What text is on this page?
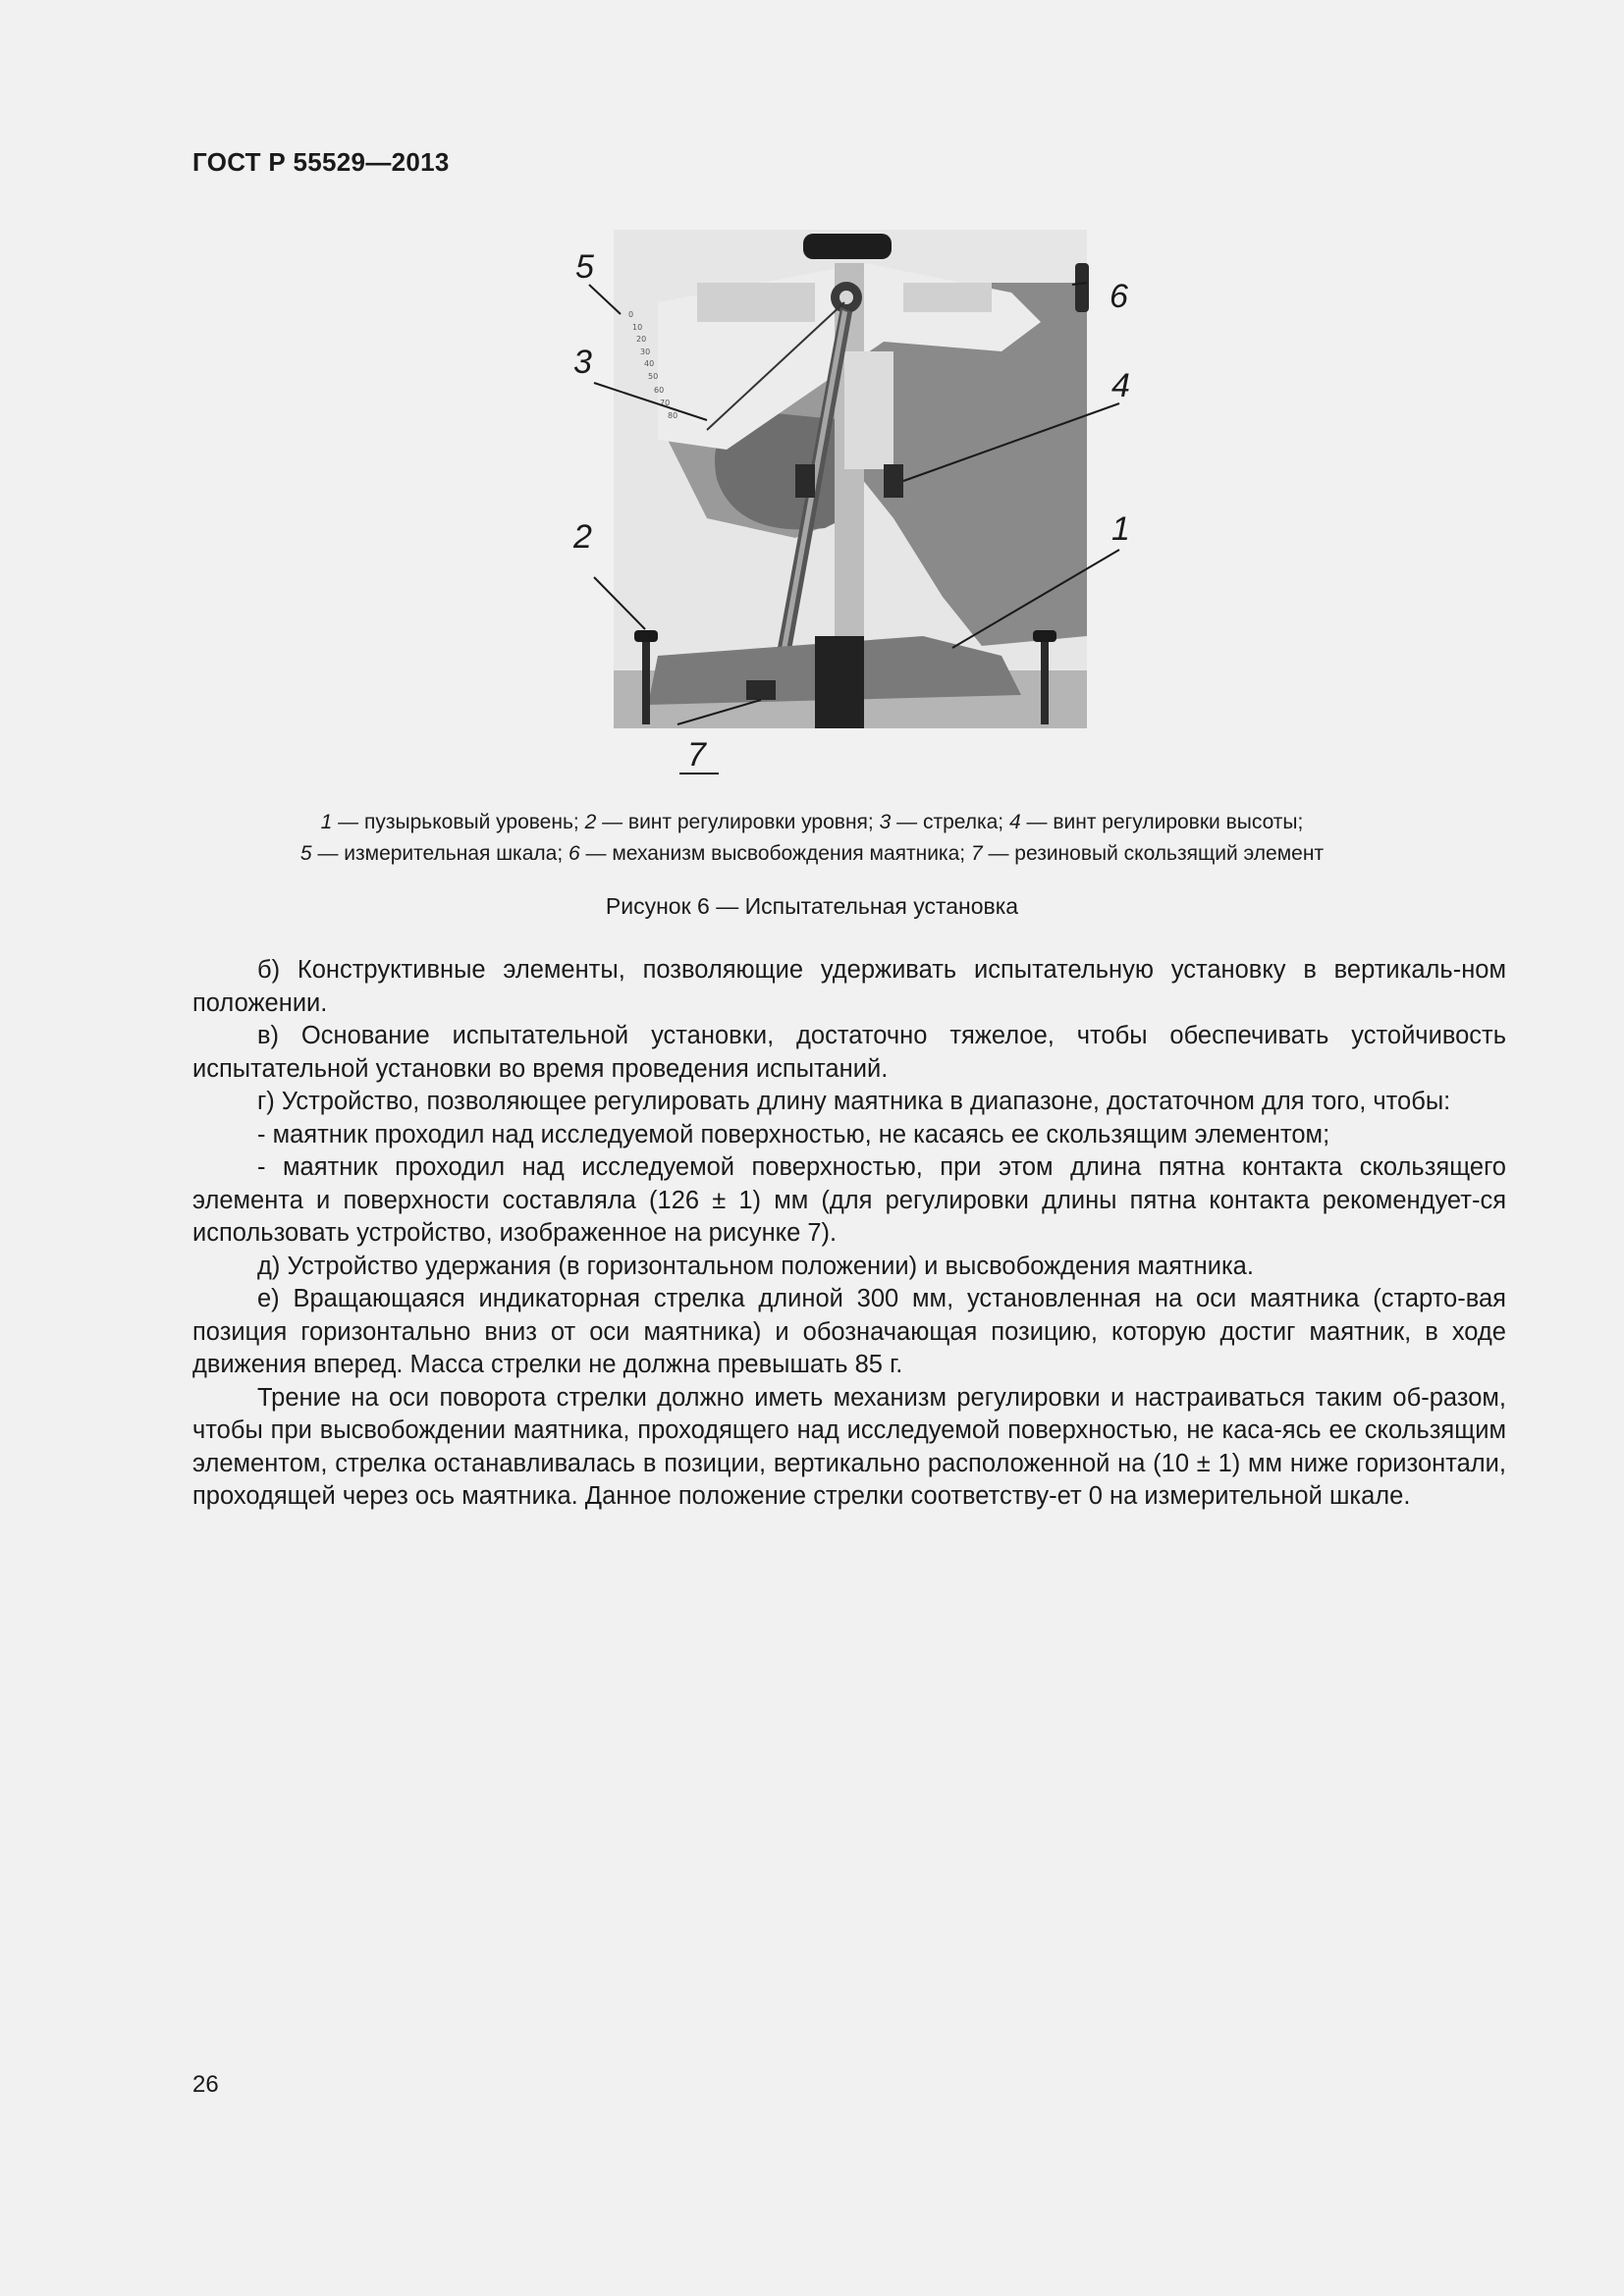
ГОСТ Р 55529—2013
0
10
20
30
40
50
60
70
80
5
3
2
4
1
6
7
1 — пузырьковый уровень; 2 — винт регулировки уровня; 3 — стрелка; 4 — винт регулировки высоты;
5 — измерительная шкала; 6 — механизм высвобождения маятника; 7 — резиновый скользящий элемент
Рисунок 6 — Испытательная установка

б) Конструктивные элементы, позволяющие удерживать испытательную установку в вертикаль-ном положении.

в) Основание испытательной установки, достаточно тяжелое, чтобы обеспечивать устойчивость испытательной установки во время проведения испытаний.

г) Устройство, позволяющее регулировать длину маятника в диапазоне, достаточном для того, чтобы:

- маятник проходил над исследуемой поверхностью, не касаясь ее скользящим элементом;

- маятник проходил над исследуемой поверхностью, при этом длина пятна контакта скользящего элемента и поверхности составляла (126 ± 1) мм (для регулировки длины пятна контакта рекомендует-ся использовать устройство, изображенное на рисунке 7).

д) Устройство удержания (в горизонтальном положении) и высвобождения маятника.

е) Вращающаяся индикаторная стрелка длиной 300 мм, установленная на оси маятника (старто-вая позиция горизонтально вниз от оси маятника) и обозначающая позицию, которую достиг маятник, в ходе движения вперед. Масса стрелки не должна превышать 85 г.

Трение на оси поворота стрелки должно иметь механизм регулировки и настраиваться таким об-разом, чтобы при высвобождении маятника, проходящего над исследуемой поверхностью, не каса-ясь ее скользящим элементом, стрелка останавливалась в позиции, вертикально расположенной на (10 ± 1) мм ниже горизонтали, проходящей через ось маятника. Данное положение стрелки соответству-ет 0 на измерительной шкале.

26
